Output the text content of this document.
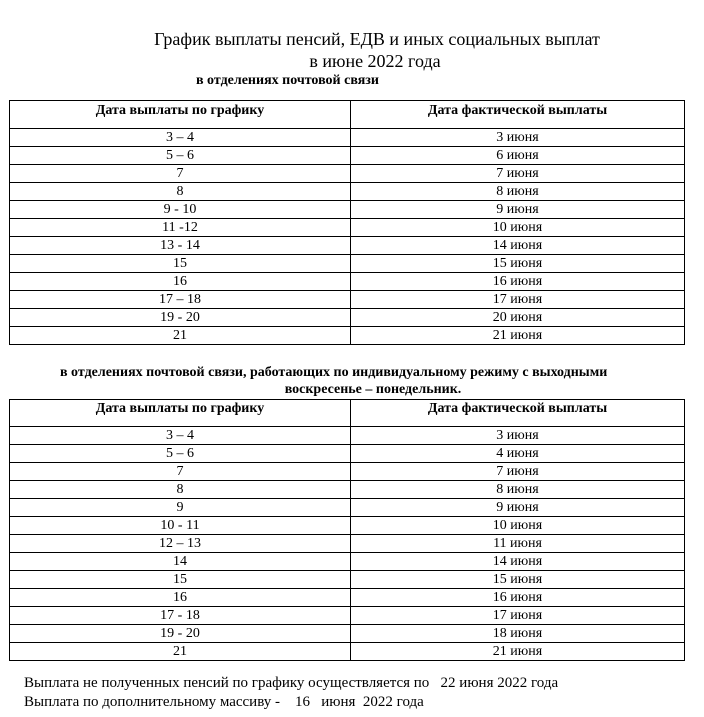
График выплаты пенсий, ЕДВ и иных социальных выплат
в июне 2022 года
в отделениях почтовой связи
Дата выплаты по графику	Дата фактической выплаты
3 – 4	3 июня
5 – 6	6 июня
7	7 июня
8	8 июня
9 - 10	9 июня
11 -12	10 июня
13 - 14	14 июня
15	15 июня
16	16 июня
17 – 18	17 июня
19 - 20	20 июня
21	21 июня
в отделениях почтовой связи, работающих по индивидуальному режиму с выходными
воскресенье – понедельник.
Дата выплаты по графику	Дата фактической выплаты
3 – 4	3 июня
5 – 6	4 июня
7	7 июня
8	8 июня
9	9 июня
10 - 11	10 июня
12 – 13	11 июня
14	14 июня
15	15 июня
16	16 июня
17 - 18	17 июня
19 - 20	18 июня
21	21 июня
Выплата не полученных пенсий по графику осуществляется по   22 июня 2022 года
Выплата по дополнительному массиву -    16   июня  2022 года
